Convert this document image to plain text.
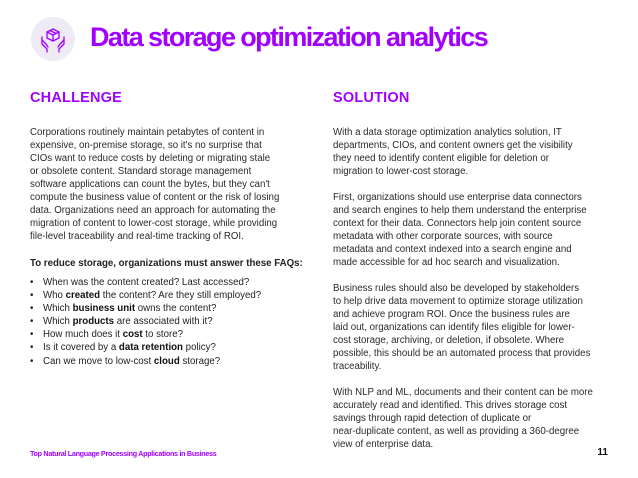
Data storage optimization analytics
CHALLENGE
Corporations routinely maintain petabytes of content in
expensive, on-premise storage, so it's no surprise that
CIOs want to reduce costs by deleting or migrating stale
or obsolete content. Standard storage management
software applications can count the bytes, but they can't
compute the business value of content or the risk of losing
data. Organizations need an approach for automating the
migration of content to lower-cost storage, while providing
file-level traceability and real-time tracking of ROI.
To reduce storage, organizations must answer these FAQs:
• When was the content created? Last accessed?
• Who created the content? Are they still employed?
• Which business unit owns the content?
• Which products are associated with it?
• How much does it cost to store?
• Is it covered by a data retention policy?
• Can we move to low-cost cloud storage?
SOLUTION
With a data storage optimization analytics solution, IT
departments, CIOs, and content owners get the visibility
they need to identify content eligible for deletion or
migration to lower-cost storage.
First, organizations should use enterprise data connectors
and search engines to help them understand the enterprise
context for their data. Connectors help join content source
metadata with other corporate sources, with source
metadata and context indexed into a search engine and
made accessible for ad hoc search and visualization.
Business rules should also be developed by stakeholders
to help drive data movement to optimize storage utilization
and achieve program ROI. Once the business rules are
laid out, organizations can identify files eligible for lower-
cost storage, archiving, or deletion, if obsolete. Where
possible, this should be an automated process that provides
traceability.
With NLP and ML, documents and their content can be more
accurately read and identified. This drives storage cost
savings through rapid detection of duplicate or
near-duplicate content, as well as providing a 360-degree
view of enterprise data.
Top Natural Language Processing Applications in Business	11
